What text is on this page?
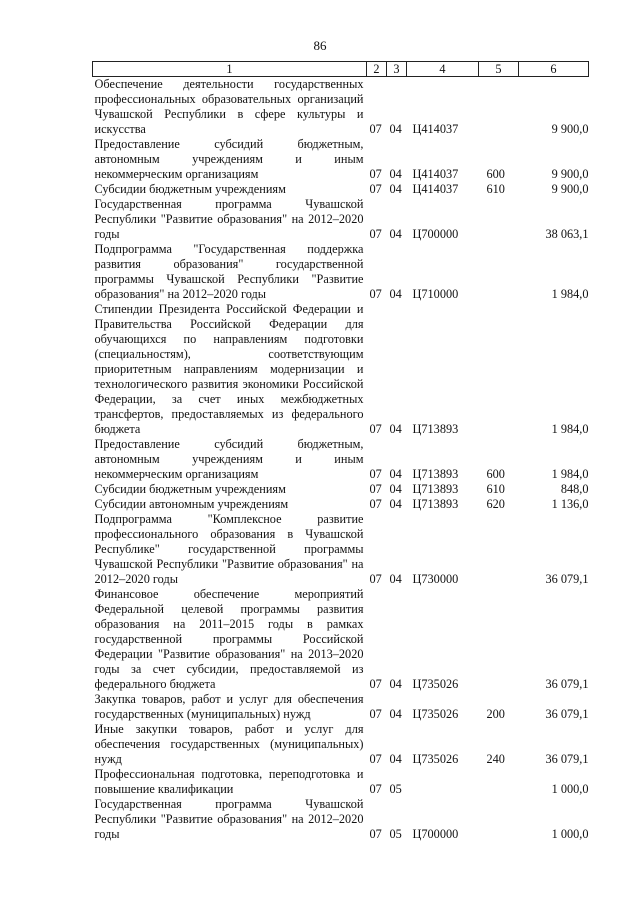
86
1	2	3	4	5	6
Обеспечение деятельности государственных профессиональных образовательных организаций Чувашской Республики в сфере культуры и искусства	07	04	Ц414037		9 900,0
Предоставление субсидий бюджетным, автономным учреждениям и иным некоммерческим организациям	07	04	Ц414037	600	9 900,0
Субсидии бюджетным учреждениям	07	04	Ц414037	610	9 900,0
Государственная программа Чувашской Республики "Развитие образования" на 2012–2020 годы	07	04	Ц700000		38 063,1
Подпрограмма "Государственная поддержка развития образования" государственной программы Чувашской Республики "Развитие образования" на 2012–2020 годы	07	04	Ц710000		1 984,0
Стипендии Президента Российской Федерации и Правительства Российской Федерации для обучающихся по направлениям подготовки (специальностям), соответствующим приоритетным направлениям модернизации и технологического развития экономики Российской Федерации, за счет иных межбюджетных трансфертов, предоставляемых из федерального бюджета	07	04	Ц713893		1 984,0
Предоставление субсидий бюджетным, автономным учреждениям и иным некоммерческим организациям	07	04	Ц713893	600	1 984,0
Субсидии бюджетным учреждениям	07	04	Ц713893	610	848,0
Субсидии автономным учреждениям	07	04	Ц713893	620	1 136,0
Подпрограмма "Комплексное развитие профессионального образования в Чувашской Республике" государственной программы Чувашской Республики "Развитие образования" на 2012–2020 годы	07	04	Ц730000		36 079,1
Финансовое обеспечение мероприятий Федеральной целевой программы развития образования на 2011–2015 годы в рамках государственной программы Российской Федерации "Развитие образования" на 2013–2020 годы за счет субсидии, предоставляемой из федерального бюджета	07	04	Ц735026		36 079,1
Закупка товаров, работ и услуг для обеспечения государственных (муниципальных) нужд	07	04	Ц735026	200	36 079,1
Иные закупки товаров, работ и услуг для обеспечения государственных (муниципальных) нужд	07	04	Ц735026	240	36 079,1
Профессиональная подготовка, переподготовка и повышение квалификации	07	05			1 000,0
Государственная программа Чувашской Республики "Развитие образования" на 2012–2020 годы	07	05	Ц700000		1 000,0
